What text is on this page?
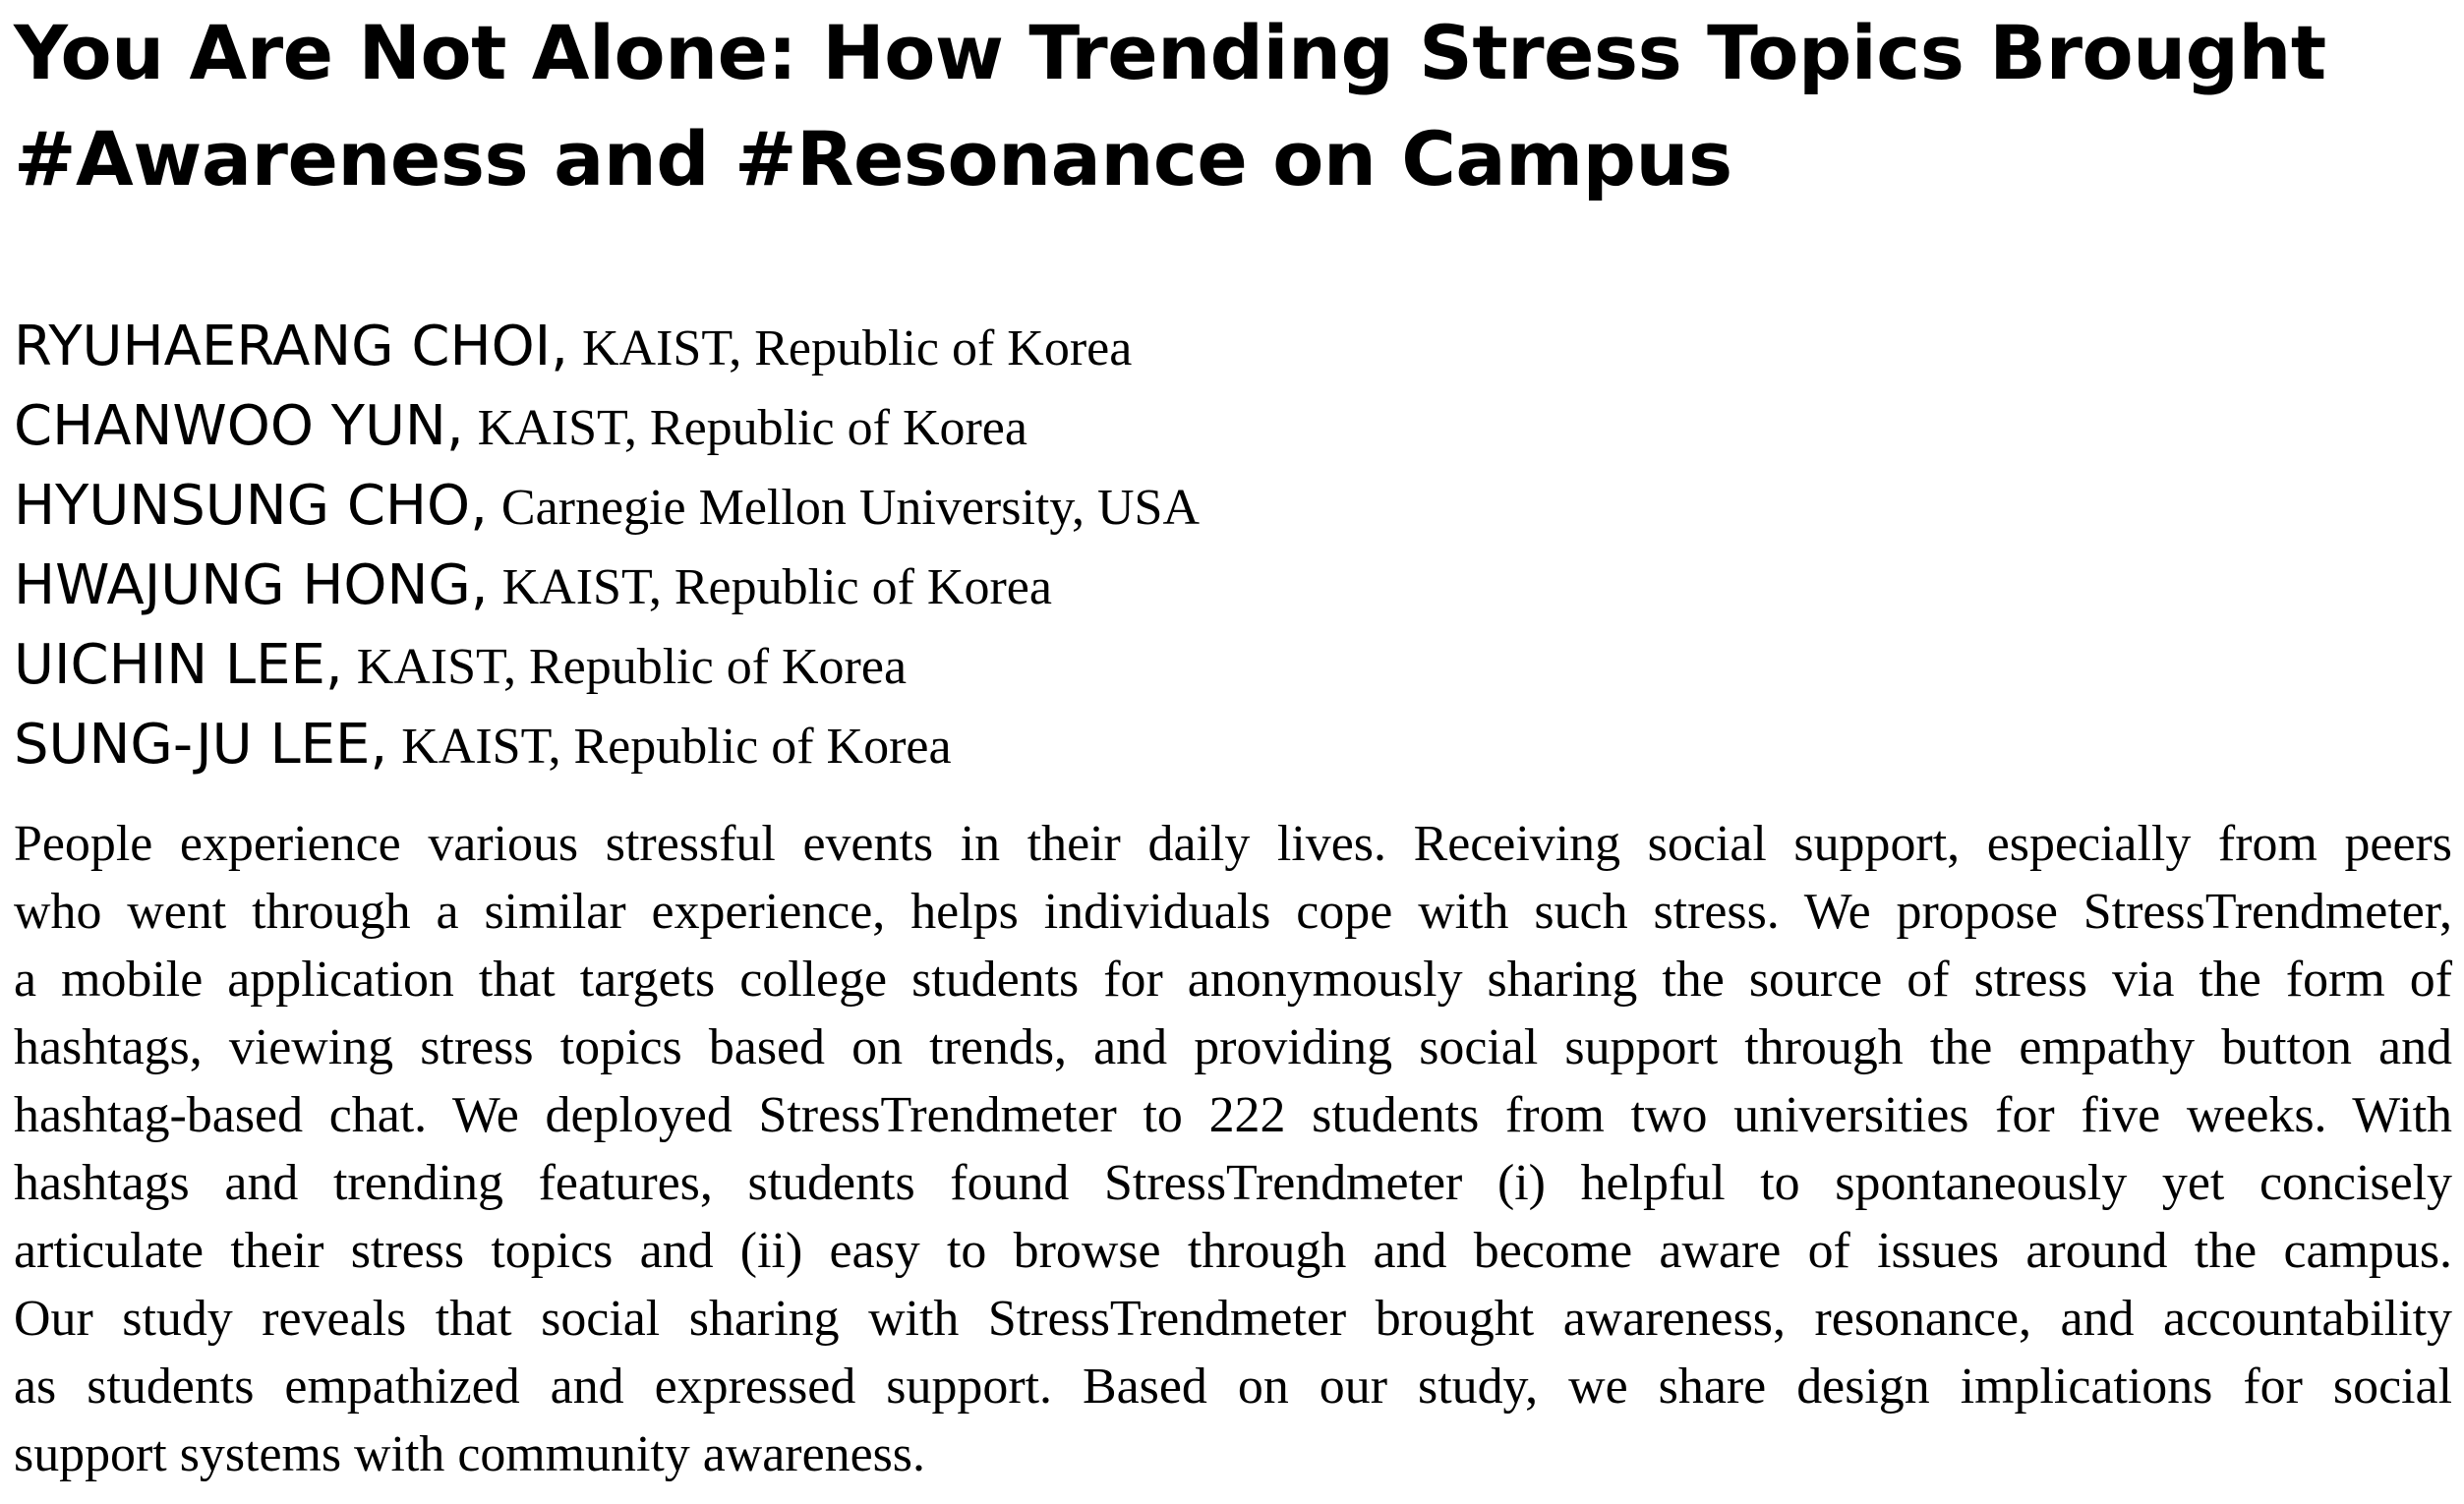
You Are Not Alone: How Trending Stress Topics Brought
#Awareness and #Resonance on Campus
RYUHAERANG CHOI, KAIST, Republic of Korea
CHANWOO YUN, KAIST, Republic of Korea
HYUNSUNG CHO, Carnegie Mellon University, USA
HWAJUNG HONG, KAIST, Republic of Korea
UICHIN LEE, KAIST, Republic of Korea
SUNG-JU LEE, KAIST, Republic of Korea
People experience various stressful events in their daily lives. Receiving social support, especially from peers
who went through a similar experience, helps individuals cope with such stress. We propose StressTrendmeter,
a mobile application that targets college students for anonymously sharing the source of stress via the form of
hashtags, viewing stress topics based on trends, and providing social support through the empathy button and
hashtag-based chat. We deployed StressTrendmeter to 222 students from two universities for five weeks. With
hashtags and trending features, students found StressTrendmeter (i) helpful to spontaneously yet concisely
articulate their stress topics and (ii) easy to browse through and become aware of issues around the campus.
Our study reveals that social sharing with StressTrendmeter brought awareness, resonance, and accountability
as students empathized and expressed support. Based on our study, we share design implications for social
support systems with community awareness.
